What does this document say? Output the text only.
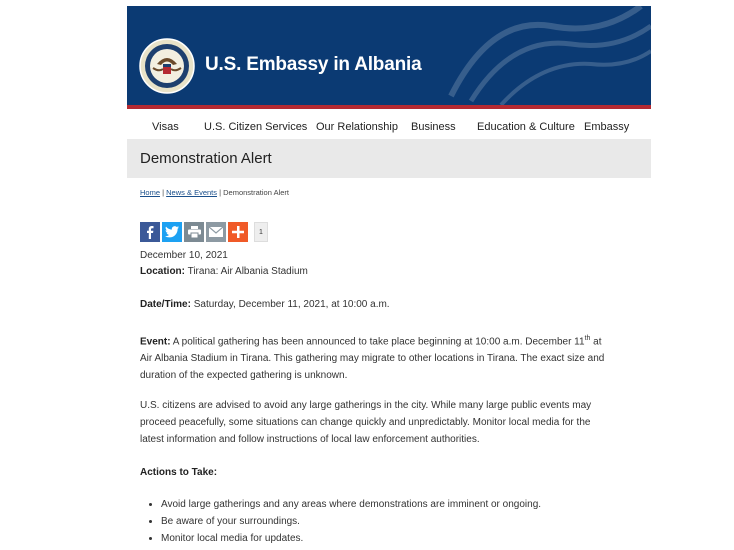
U.S. Embassy in Albania
Visas U.S. Citizen Services Our Relationship Business Education & Culture Embassy
Demonstration Alert
Home | News & Events | Demonstration Alert
1
December 10, 2021
Location: Tirana: Air Albania Stadium
Date/Time: Saturday, December 11, 2021, at 10:00 a.m.
Event: A political gathering has been announced to take place beginning at 10:00 a.m. December 11th at
Air Albania Stadium in Tirana. This gathering may migrate to other locations in Tirana. The exact size and
duration of the expected gathering is unknown.
U.S. citizens are advised to avoid any large gatherings in the city. While many large public events may
proceed peacefully, some situations can change quickly and unpredictably. Monitor local media for the
latest information and follow instructions of local law enforcement authorities.
Actions to Take:
• Avoid large gatherings and any areas where demonstrations are imminent or ongoing.
• Be aware of your surroundings.
• Monitor local media for updates.
